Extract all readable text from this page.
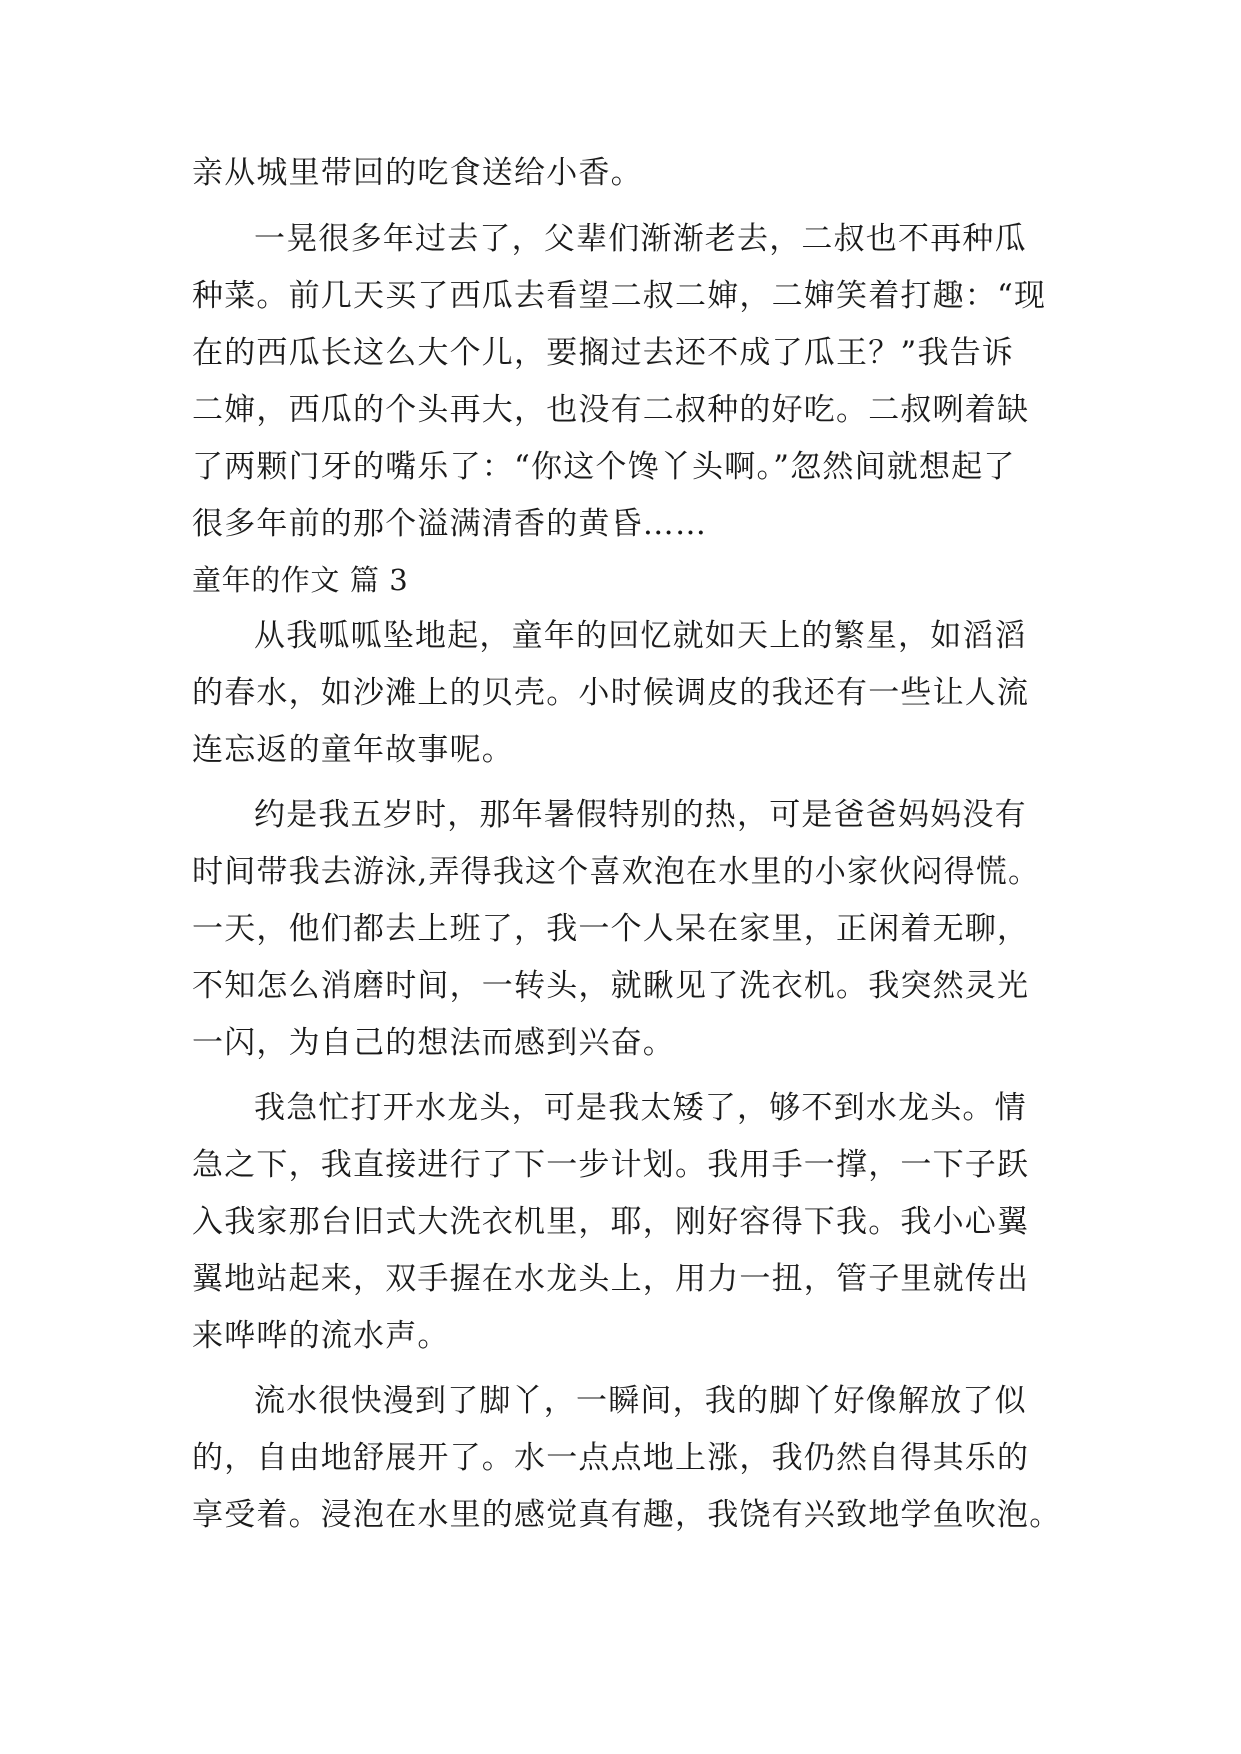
亲从城里带回的吃食送给小香。
一晃很多年过去了，父辈们渐渐老去，二叔也不再种瓜
种菜。前几天买了西瓜去看望二叔二婶，二婶笑着打趣：“现
在的西瓜长这么大个儿，要搁过去还不成了瓜王？”我告诉
二婶，西瓜的个头再大，也没有二叔种的好吃。二叔咧着缺
了两颗门牙的嘴乐了：“你这个馋丫头啊。”忽然间就想起了
很多年前的那个溢满清香的黄昏……
童年的作文 篇 3
从我呱呱坠地起，童年的回忆就如天上的繁星，如滔滔
的春水，如沙滩上的贝壳。小时候调皮的我还有一些让人流
连忘返的童年故事呢。
约是我五岁时，那年暑假特别的热，可是爸爸妈妈没有
时间带我去游泳,弄得我这个喜欢泡在水里的小家伙闷得慌。
一天，他们都去上班了，我一个人呆在家里，正闲着无聊，
不知怎么消磨时间，一转头，就瞅见了洗衣机。我突然灵光
一闪，为自己的想法而感到兴奋。
我急忙打开水龙头，可是我太矮了，够不到水龙头。情
急之下，我直接进行了下一步计划。我用手一撑，一下子跃
入我家那台旧式大洗衣机里，耶，刚好容得下我。我小心翼
翼地站起来，双手握在水龙头上，用力一扭，管子里就传出
来哗哗的流水声。
流水很快漫到了脚丫，一瞬间，我的脚丫好像解放了似
的，自由地舒展开了。水一点点地上涨，我仍然自得其乐的
享受着。浸泡在水里的感觉真有趣，我饶有兴致地学鱼吹泡。
